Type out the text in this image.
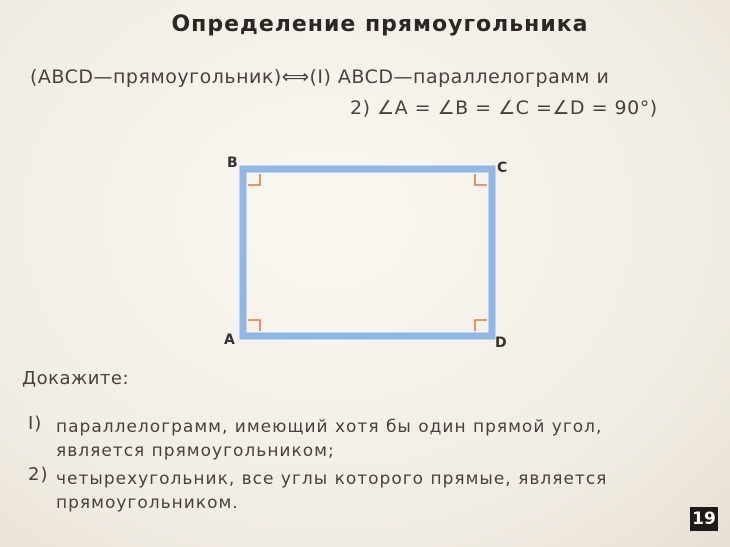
Определение прямоугольника
(ABCD—прямоугольник)⟺(I) ABCD—параллелограмм и
2) ∠A = ∠B = ∠C =∠D = 90°)
B	C
A	D
Докажите:
I) параллелограмм, имеющий хотя бы один прямой угол,
является прямоугольником;
2) четырехугольник, все углы которого прямые, является
прямоугольником.
19
